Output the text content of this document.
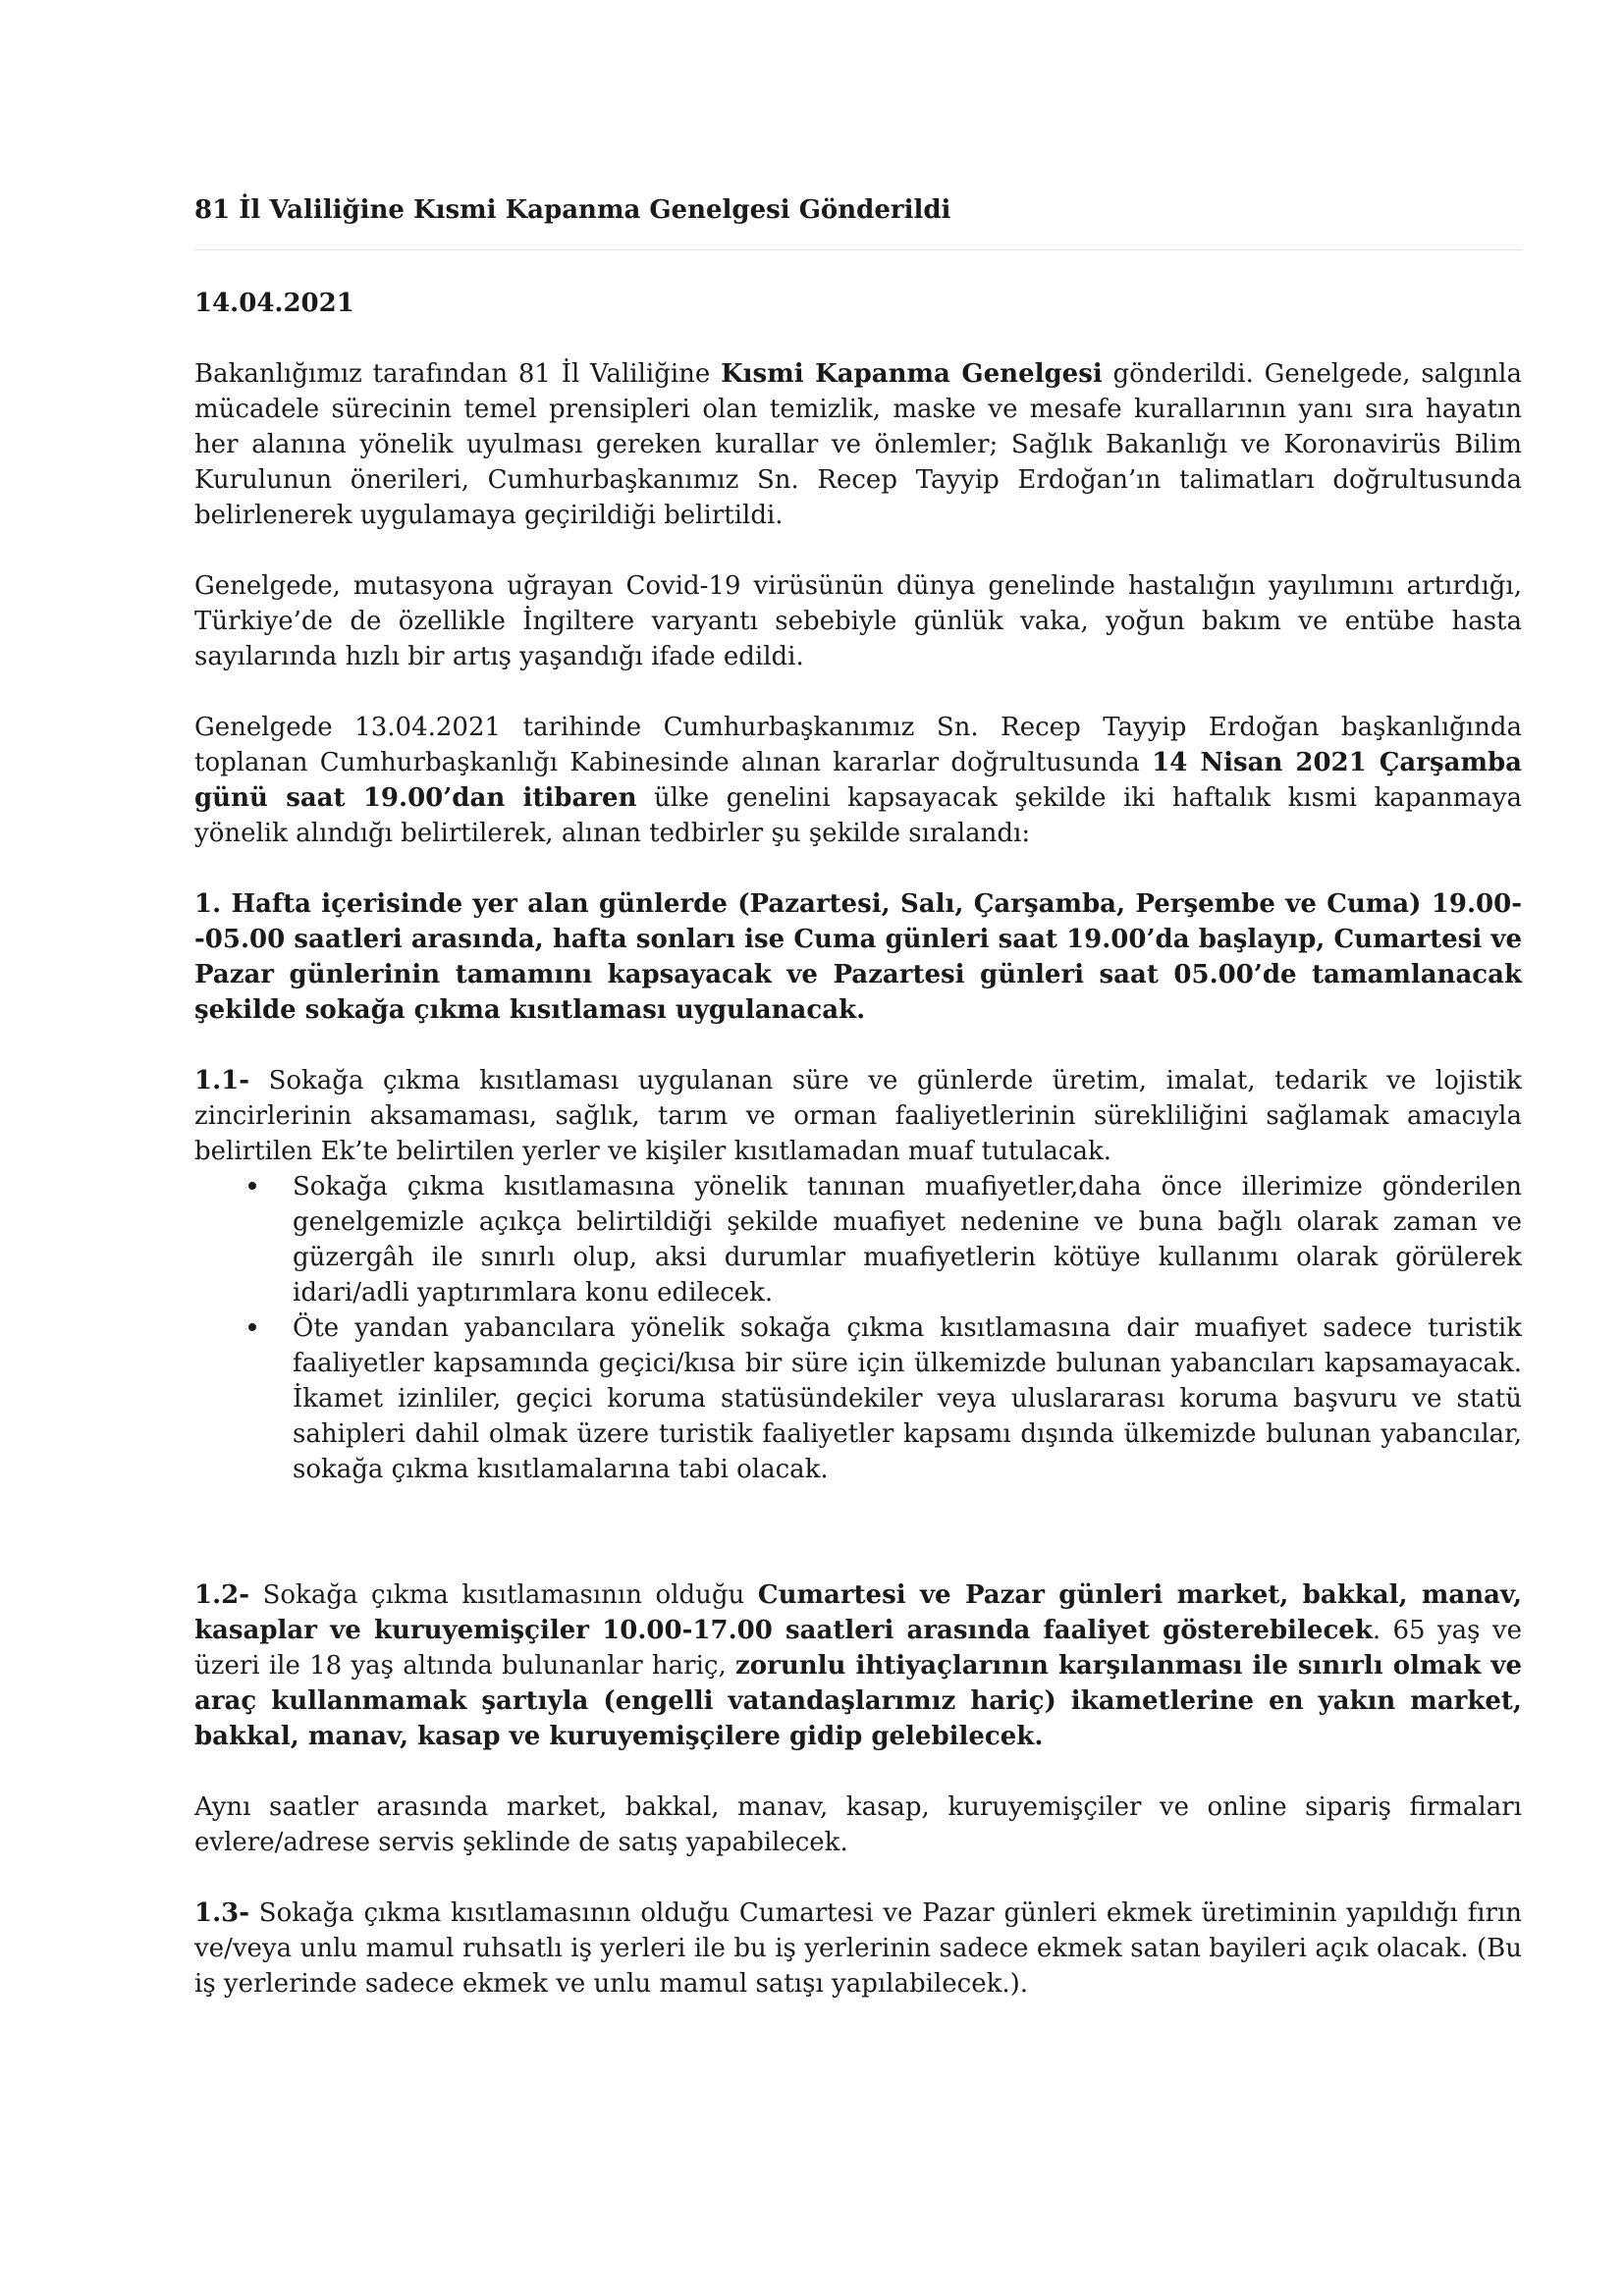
81 İl Valiliğine Kısmi Kapanma Genelgesi Gönderildi
14.04.2021

Bakanlığımız tarafından 81 İl Valiliğine Kısmi Kapanma Genelgesi gönderildi. Genelgede, salgınla mücadele sürecinin temel prensipleri olan temizlik, maske ve mesafe kurallarının yanı sıra hayatın her alanına yönelik uyulması gereken kurallar ve önlemler; Sağlık Bakanlığı ve Koronavirüs Bilim Kurulunun önerileri, Cumhurbaşkanımız Sn. Recep Tayyip Erdoğan’ın talimatları doğrultusunda belirlenerek uygulamaya geçirildiği belirtildi.

Genelgede, mutasyona uğrayan Covid-19 virüsünün dünya genelinde hastalığın yayılımını artırdığı, Türkiye’de de özellikle İngiltere varyantı sebebiyle günlük vaka, yoğun bakım ve entübe hasta sayılarında hızlı bir artış yaşandığı ifade edildi.

Genelgede 13.04.2021 tarihinde Cumhurbaşkanımız Sn. Recep Tayyip Erdoğan başkanlığında toplanan Cumhurbaşkanlığı Kabinesinde alınan kararlar doğrultusunda 14 Nisan 2021 Çarşamba günü saat 19.00’dan itibaren ülke genelini kapsayacak şekilde iki haftalık kısmi kapanmaya yönelik alındığı belirtilerek, alınan tedbirler şu şekilde sıralandı:

1. Hafta içerisinde yer alan günlerde (Pazartesi, Salı, Çarşamba, Perşembe ve Cuma) 19.00--05.00 saatleri arasında, hafta sonları ise Cuma günleri saat 19.00’da başlayıp, Cumartesi ve Pazar günlerinin tamamını kapsayacak ve Pazartesi günleri saat 05.00’de tamamlanacak şekilde sokağa çıkma kısıtlaması uygulanacak.

1.1- Sokağa çıkma kısıtlaması uygulanan süre ve günlerde üretim, imalat, tedarik ve lojistik zincirlerinin aksamaması, sağlık, tarım ve orman faaliyetlerinin sürekliliğini sağlamak amacıyla belirtilen Ek’te belirtilen yerler ve kişiler kısıtlamadan muaf tutulacak.

Sokağa çıkma kısıtlamasına yönelik tanınan muafiyetler,daha önce illerimize gönderilen genelgemizle açıkça belirtildiği şekilde muafiyet nedenine ve buna bağlı olarak zaman ve güzergâh ile sınırlı olup, aksi durumlar muafiyetlerin kötüye kullanımı olarak görülerek idari/adli yaptırımlara konu edilecek.
Öte yandan yabancılara yönelik sokağa çıkma kısıtlamasına dair muafiyet sadece turistik faaliyetler kapsamında geçici/kısa bir süre için ülkemizde bulunan yabancıları kapsamayacak. İkamet izinliler, geçici koruma statüsündekiler veya uluslararası koruma başvuru ve statü sahipleri dahil olmak üzere turistik faaliyetler kapsamı dışında ülkemizde bulunan yabancılar, sokağa çıkma kısıtlamalarına tabi olacak.

1.2- Sokağa çıkma kısıtlamasının olduğu Cumartesi ve Pazar günleri market, bakkal, manav, kasaplar ve kuruyemişçiler 10.00-17.00 saatleri arasında faaliyet gösterebilecek. 65 yaş ve üzeri ile 18 yaş altında bulunanlar hariç, zorunlu ihtiyaçlarının karşılanması ile sınırlı olmak ve araç kullanmamak şartıyla (engelli vatandaşlarımız hariç) ikametlerine en yakın market, bakkal, manav, kasap ve kuruyemişçilere gidip gelebilecek.

Aynı saatler arasında market, bakkal, manav, kasap, kuruyemişçiler ve online sipariş firmaları evlere/adrese servis şeklinde de satış yapabilecek.

1.3- Sokağa çıkma kısıtlamasının olduğu Cumartesi ve Pazar günleri ekmek üretiminin yapıldığı fırın ve/veya unlu mamul ruhsatlı iş yerleri ile bu iş yerlerinin sadece ekmek satan bayileri açık olacak. (Bu iş yerlerinde sadece ekmek ve unlu mamul satışı yapılabilecek.).
